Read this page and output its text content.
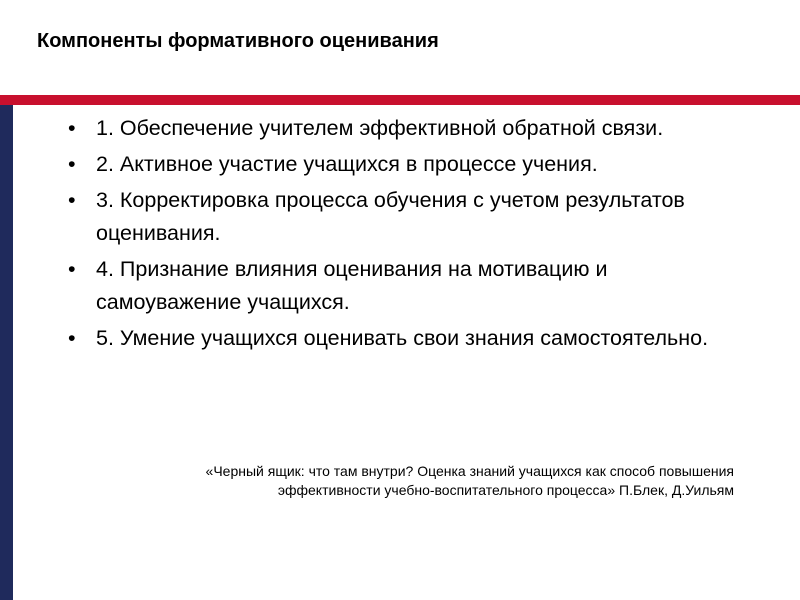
Компоненты формативного оценивания
• 1. Обеспечение учителем эффективной обратной связи.
• 2. Активное участие учащихся в процессе учения.
• 3. Корректировка процесса обучения с учетом результатов оценивания.
• 4. Признание влияния оценивания на мотивацию и самоуважение учащихся.
• 5. Умение учащихся оценивать свои знания самостоятельно.
«Черный ящик: что там внутри? Оценка знаний учащихся как способ повышения
эффективности учебно-воспитательного процесса» П.Блек, Д.Уильям
